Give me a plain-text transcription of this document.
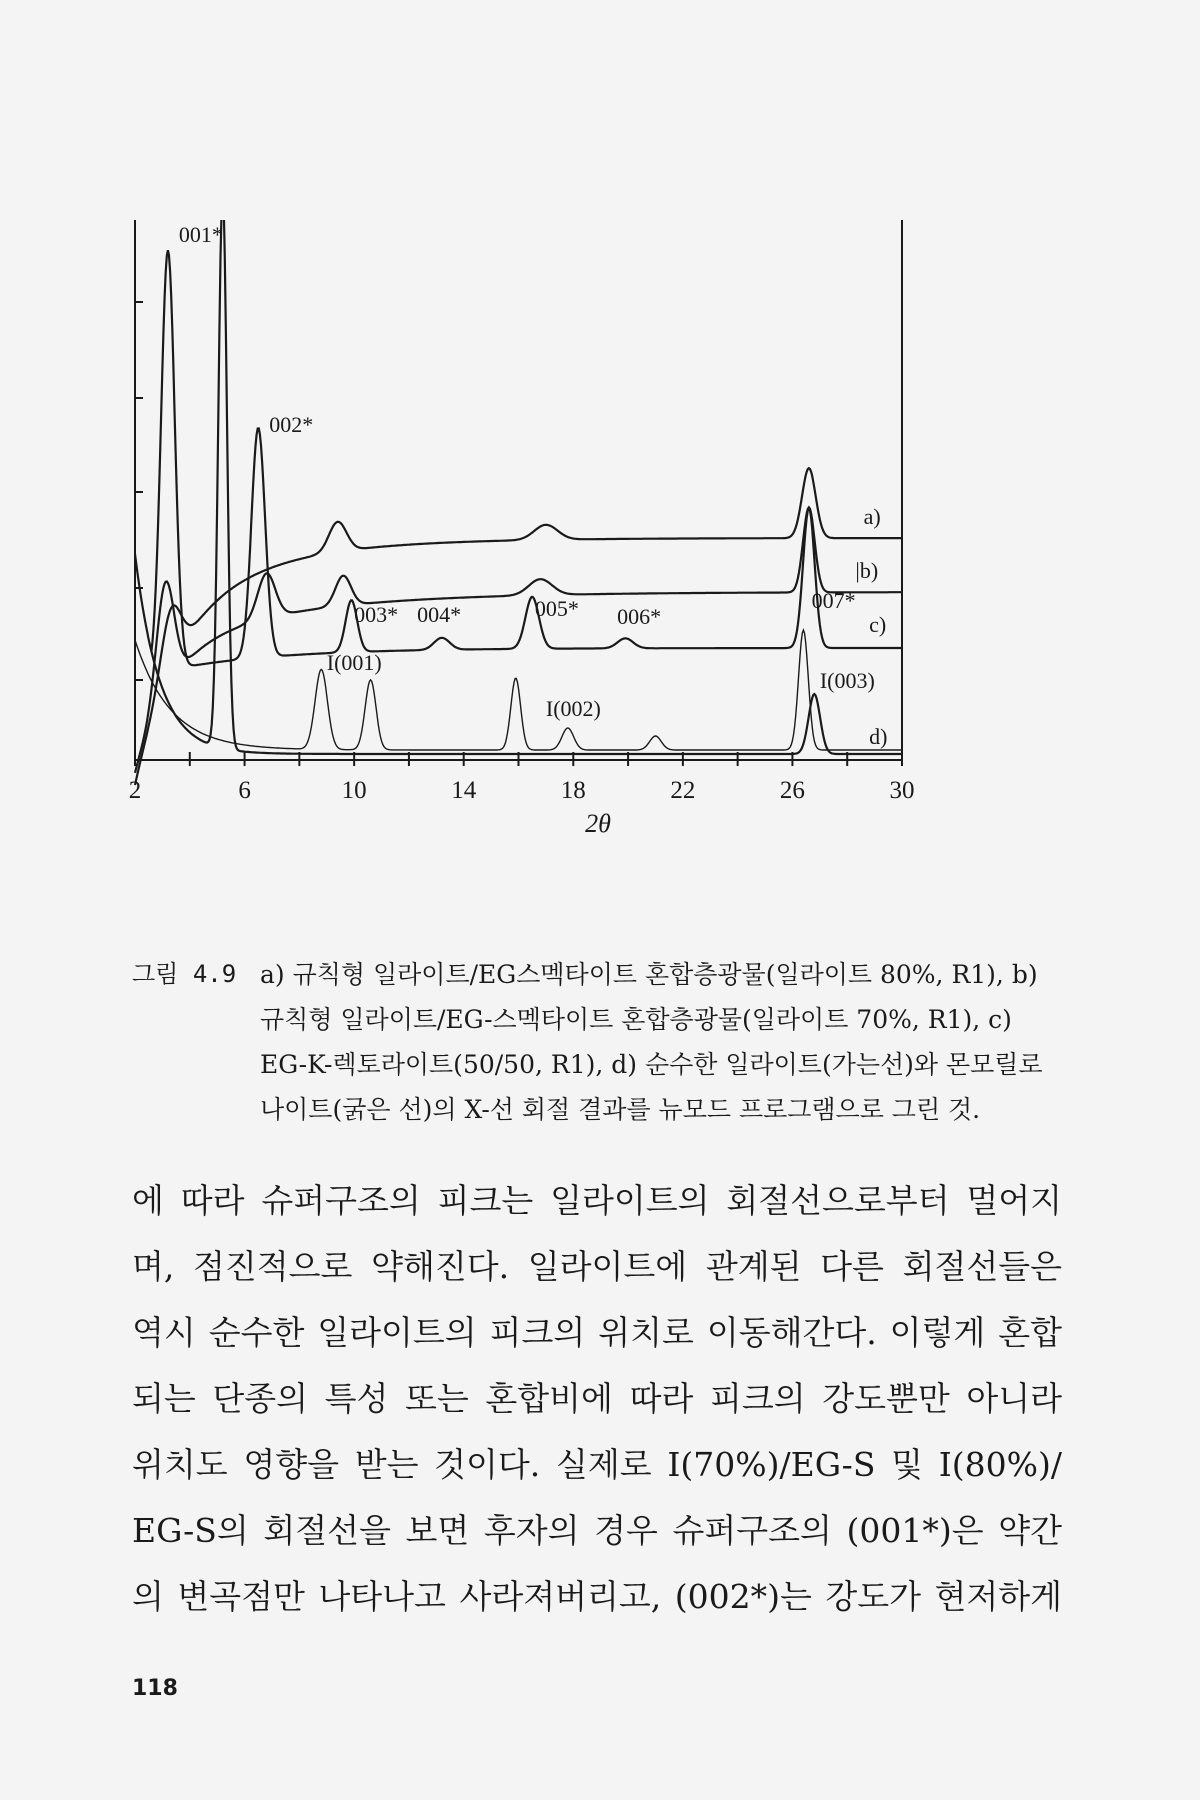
2	6	10	14	18	22	26	30
001*
002*
003* 004*	005* 006*
007*
I(001)
I(002)
I(003)
a)
|b)
c)
d)
2θ
그림 4.9 a) 규칙형 일라이트/EG스멕타이트 혼합층광물(일라이트 80%, R1), b) 규칙형 일라이트/EG-스멕타이트 혼합층광물(일라이트 70%, R1), c) EG-K-렉토라이트(50/50, R1), d) 순수한 일라이트(가는선)와 몬모릴로나이트(굵은 선)의 X-선 회절 결과를 뉴모드 프로그램으로 그린 것.
에 따라 슈퍼구조의 피크는 일라이트의 회절선으로부터 멀어지
며, 점진적으로 약해진다. 일라이트에 관계된 다른 회절선들은
역시 순수한 일라이트의 피크의 위치로 이동해간다. 이렇게 혼합
되는 단종의 특성 또는 혼합비에 따라 피크의 강도뿐만 아니라
위치도 영향을 받는 것이다. 실제로 I(70%)/EG-S 및 I(80%)/
EG-S의 회절선을 보면 후자의 경우 슈퍼구조의 (001*)은 약간
의 변곡점만 나타나고 사라져버리고, (002*)는 강도가 현저하게
118
